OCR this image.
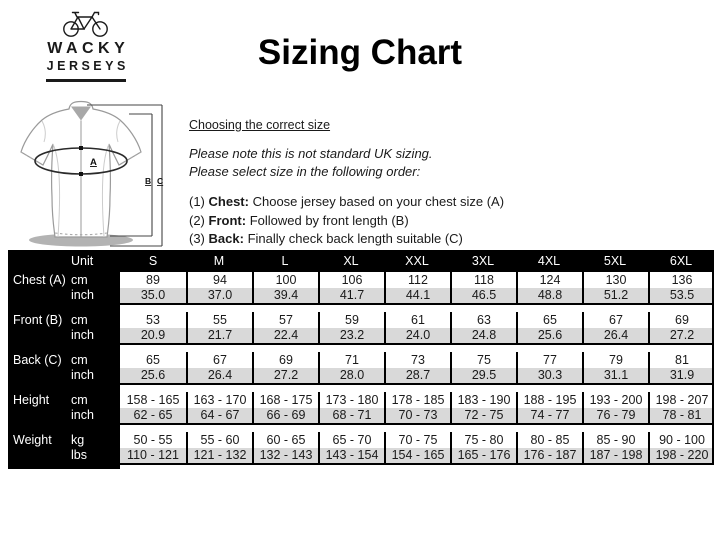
WACKY
JERSEYS	Sizing Chart
A
B C
Choosing the correct size
Please note this is not standard UK sizing.
Please select size in the following order:
(1) Chest: Choose jersey based on your chest size (A)
(2) Front: Followed by front length (B)
(3) Back: Finally check back length suitable (C)
Unit	S	M	L	XL	XXL	3XL	4XL	5XL	6XL
Chest (A) cm	89	94	100	106	112	118	124	130	136
inch	35.0	37.0	39.4	41.7	44.1	46.5	48.8	51.2	53.5
Front (B) cm	53	55	57	59	61	63	65	67	69
inch	20.9	21.7	22.4	23.2	24.0	24.8	25.6	26.4	27.2
Back (C) cm	65	67	69	71	73	75	77	79	81
inch	25.6	26.4	27.2	28.0	28.7	29.5	30.3	31.1	31.9
Height	cm	158 - 165	163 - 170	168 - 175	173 - 180	178 - 185	183 - 190	188 - 195	193 - 200	198 - 207
inch	62 - 65	64 - 67	66 - 69	68 - 71	70 - 73	72 - 75	74 - 77	76 - 79	78 - 81
Weight	kg	50 - 55	55 - 60	60 - 65	65 - 70	70 - 75	75 - 80	80 - 85	85 - 90	90 - 100
lbs	110 - 121	121 - 132	132 - 143	143 - 154	154 - 165	165 - 176	176 - 187	187 - 198	198 - 220
